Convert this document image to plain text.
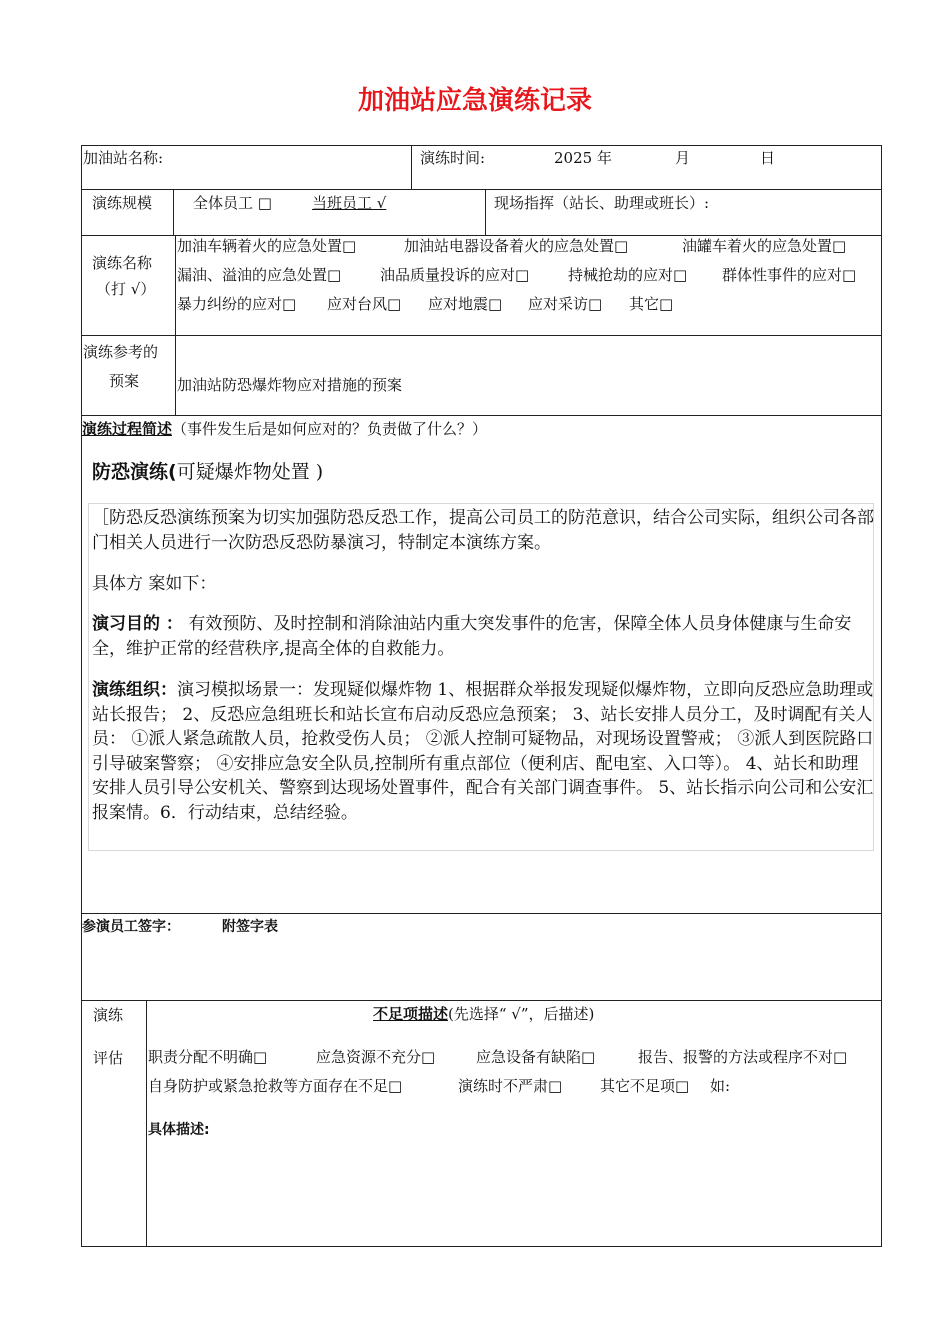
加油站应急演练记录
加油站名称:	演练时间:	2025 年	月	日
演练规模	全体员工 □	当班员工 √	现场指挥（站长、助理或班长）:
演练名称
（打 √）
加油车辆着火的应急处置□	加油站电器设备着火的应急处置□	油罐车着火的应急处置□
漏油、溢油的应急处置□	油品质量投诉的应对□	持械抢劫的应对□ 群体性事件的应对□
暴力纠纷的应对□ 应对台风□ 应对地震□ 应对采访□ 其它□
演练参考的
预案	加油站防恐爆炸物应对措施的预案
演练过程简述（事件发生后是如何应对的？负责做了什么？）
防恐演练(可疑爆炸物处置 )
［防恐反恐演练预案为切实加强防恐反恐工作，提高公司员工的防范意识，结合公司实际，组织公司各部门相关人员进行一次防恐反恐防暴演习，特制定本演练方案。
具体方 案如下：
演习目的 ： 有效预防、及时控制和消除油站内重大突发事件的危害，保障全体人员身体健康与生命安全，维护正常的经营秩序,提高全体的自救能力。
演练组织：演习模拟场景一：发现疑似爆炸物 1、根据群众举报发现疑似爆炸物，立即向反恐应急助理或站长报告； 2、反恐应急组班长和站长宣布启动反恐应急预案； 3、站长安排人员分工，及时调配有关人员： ①派人紧急疏散人员，抢救受伤人员； ②派人控制可疑物品，对现场设置警戒； ③派人到医院路口引导破案警察； ④安排应急安全队员,控制所有重点部位（便利店、配电室、入口等）。 4、站长和助理安排人员引导公安机关、警察到达现场处置事件，配合有关部门调查事件。 5、站长指示向公司和公安汇报案情。6．行动结束，总结经验。
参演员工签字：	附签字表
演练
评估
不足项描述(先选择“ √”，后描述)
职责分配不明确□	应急资源不充分□	应急设备有缺陷□	报告、报警的方法或程序不对□
自身防护或紧急抢救等方面存在不足□	演练时不严肃□	其它不足项□ 如:
具体描述:
